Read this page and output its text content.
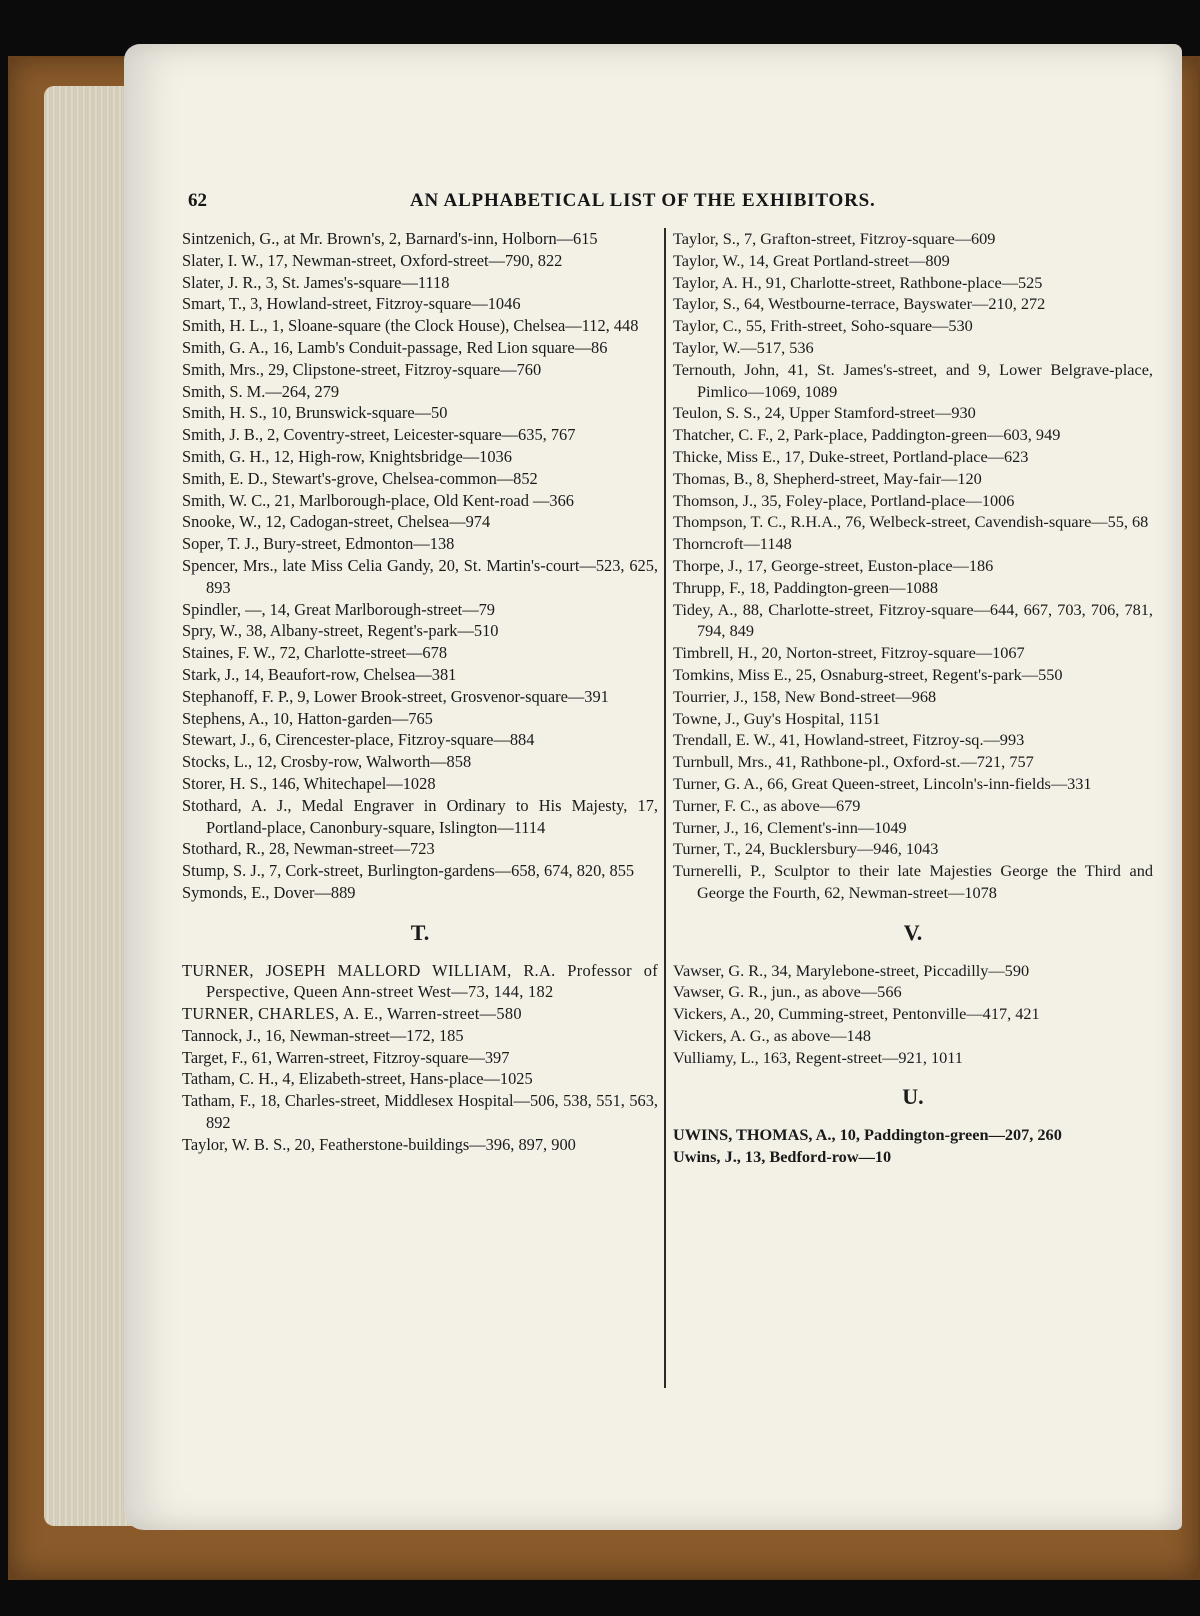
62	AN ALPHABETICAL LIST OF THE EXHIBITORS.

Sintzenich, G., at Mr. Brown's, 2, Barnard's-inn, Holborn—615

Slater, I. W., 17, Newman-street, Oxford-street—790, 822

Slater, J. R., 3, St. James's-square—1118

Smart, T., 3, Howland-street, Fitzroy-square—1046

Smith, H. L., 1, Sloane-square (the Clock House), Chelsea—112, 448

Smith, G. A., 16, Lamb's Conduit-passage, Red Lion square—86

Smith, Mrs., 29, Clipstone-street, Fitzroy-square—760

Smith, S. M.—264, 279

Smith, H. S., 10, Brunswick-square—50

Smith, J. B., 2, Coventry-street, Leicester-square—635, 767

Smith, G. H., 12, High-row, Knightsbridge—1036

Smith, E. D., Stewart's-grove, Chelsea-common—852

Smith, W. C., 21, Marlborough-place, Old Kent-road —366

Snooke, W., 12, Cadogan-street, Chelsea—974

Soper, T. J., Bury-street, Edmonton—138

Spencer, Mrs., late Miss Celia Gandy, 20, St. Martin's-court—523, 625, 893

Spindler, —, 14, Great Marlborough-street—79

Spry, W., 38, Albany-street, Regent's-park—510

Staines, F. W., 72, Charlotte-street—678

Stark, J., 14, Beaufort-row, Chelsea—381

Stephanoff, F. P., 9, Lower Brook-street, Grosvenor-square—391

Stephens, A., 10, Hatton-garden—765

Stewart, J., 6, Cirencester-place, Fitzroy-square—884

Stocks, L., 12, Crosby-row, Walworth—858

Storer, H. S., 146, Whitechapel—1028

Stothard, A. J., Medal Engraver in Ordinary to His Majesty, 17, Portland-place, Canonbury-square, Islington—1114

Stothard, R., 28, Newman-street—723

Stump, S. J., 7, Cork-street, Burlington-gardens—658, 674, 820, 855

Symonds, E., Dover—889

T.

TURNER, JOSEPH MALLORD WILLIAM, R.A. Professor of Perspective, Queen Ann-street West—73, 144, 182

TURNER, CHARLES, A. E., Warren-street—580

Tannock, J., 16, Newman-street—172, 185

Target, F., 61, Warren-street, Fitzroy-square—397

Tatham, C. H., 4, Elizabeth-street, Hans-place—1025

Tatham, F., 18, Charles-street, Middlesex Hospital—506, 538, 551, 563, 892

Taylor, W. B. S., 20, Featherstone-buildings—396, 897, 900

Taylor, S., 7, Grafton-street, Fitzroy-square—609

Taylor, W., 14, Great Portland-street—809

Taylor, A. H., 91, Charlotte-street, Rathbone-place—525

Taylor, S., 64, Westbourne-terrace, Bayswater—210, 272

Taylor, C., 55, Frith-street, Soho-square—530

Taylor, W.—517, 536

Ternouth, John, 41, St. James's-street, and 9, Lower Belgrave-place, Pimlico—1069, 1089

Teulon, S. S., 24, Upper Stamford-street—930

Thatcher, C. F., 2, Park-place, Paddington-green—603, 949

Thicke, Miss E., 17, Duke-street, Portland-place—623

Thomas, B., 8, Shepherd-street, May-fair—120

Thomson, J., 35, Foley-place, Portland-place—1006

Thompson, T. C., R.H.A., 76, Welbeck-street, Cavendish-square—55, 68

Thorncroft—1148

Thorpe, J., 17, George-street, Euston-place—186

Thrupp, F., 18, Paddington-green—1088

Tidey, A., 88, Charlotte-street, Fitzroy-square—644, 667, 703, 706, 781, 794, 849

Timbrell, H., 20, Norton-street, Fitzroy-square—1067

Tomkins, Miss E., 25, Osnaburg-street, Regent's-park—550

Tourrier, J., 158, New Bond-street—968

Towne, J., Guy's Hospital, 1151

Trendall, E. W., 41, Howland-street, Fitzroy-sq.—993

Turnbull, Mrs., 41, Rathbone-pl., Oxford-st.—721, 757

Turner, G. A., 66, Great Queen-street, Lincoln's-inn-fields—331

Turner, F. C., as above—679

Turner, J., 16, Clement's-inn—1049

Turner, T., 24, Bucklersbury—946, 1043

Turnerelli, P., Sculptor to their late Majesties George the Third and George the Fourth, 62, Newman-street—1078

V.

Vawser, G. R., 34, Marylebone-street, Piccadilly—590

Vawser, G. R., jun., as above—566

Vickers, A., 20, Cumming-street, Pentonville—417, 421

Vickers, A. G., as above—148

Vulliamy, L., 163, Regent-street—921, 1011

U.

UWINS, THOMAS, A., 10, Paddington-green—207, 260

Uwins, J., 13, Bedford-row—10
